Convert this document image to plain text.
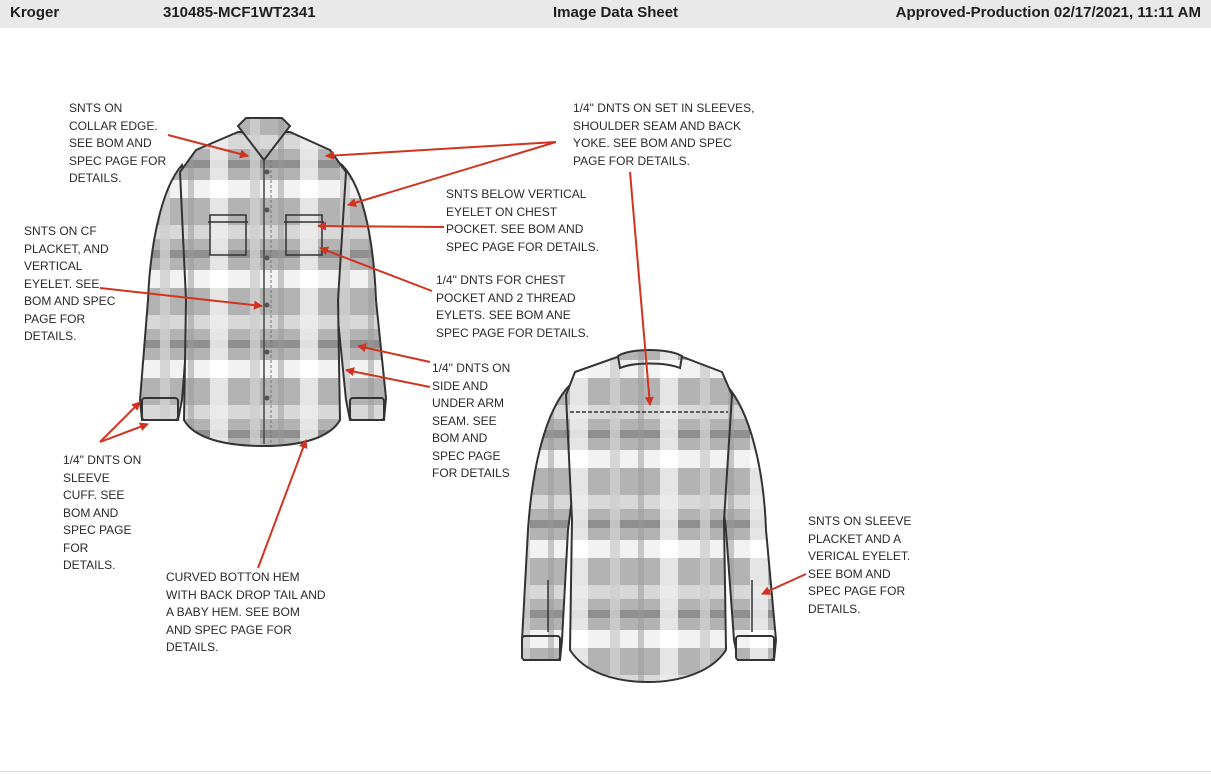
Kroger	310485-MCF1WT2341	Image Data Sheet	Approved-Production 02/17/2021, 11:11 AM
SNTS ON
COLLAR EDGE.
SEE BOM AND
SPEC PAGE FOR
DETAILS.
1/4" DNTS ON SET IN SLEEVES,
SHOULDER SEAM AND BACK
YOKE. SEE BOM AND SPEC
PAGE FOR DETAILS.
SNTS BELOW VERTICAL
EYELET ON CHEST
POCKET. SEE BOM AND
SPEC PAGE FOR DETAILS.
SNTS ON CF
PLACKET, AND
VERTICAL
EYELET. SEE
BOM AND SPEC
PAGE FOR
DETAILS.
1/4" DNTS FOR CHEST
POCKET AND 2 THREAD
EYLETS. SEE BOM ANE
SPEC PAGE FOR DETAILS.
1/4" DNTS ON
SIDE AND
UNDER ARM
SEAM. SEE
BOM AND
SPEC PAGE
FOR DETAILS
1/4" DNTS ON
SLEEVE
CUFF. SEE
BOM AND
SPEC PAGE
FOR
DETAILS.
CURVED BOTTON HEM
WITH BACK DROP TAIL AND
A BABY HEM. SEE BOM
AND SPEC PAGE FOR
DETAILS.
SNTS ON SLEEVE
PLACKET AND A
VERICAL EYELET.
SEE BOM AND
SPEC PAGE FOR
DETAILS.
